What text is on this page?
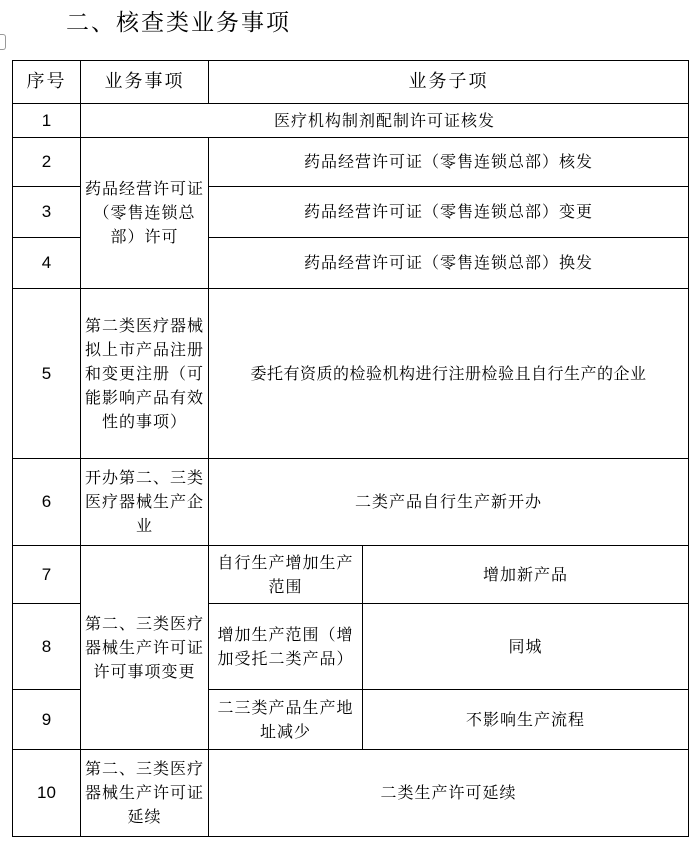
二、核查类业务事项
序号	业务事项	业务子项	
1	医疗机构制剂配制许可证核发		
2	药品经营许可证（零售连锁总部）许可	药品经营许可证（零售连锁总部）核发	
3		药品经营许可证（零售连锁总部）变更	
4		药品经营许可证（零售连锁总部）换发	
5	第二类医疗器械拟上市产品注册和变更注册（可能影响产品有效性的事项）	委托有资质的检验机构进行注册检验且自行生产的企业	
6	开办第二、三类医疗器械生产企业	二类产品自行生产新开办	
7	第二、三类医疗器械生产许可证许可事项变更	自行生产增加生产范围	增加新产品
8		增加生产范围（增加受托二类产品）	同城
9		二三类产品生产地址减少	不影响生产流程
10	第二、三类医疗器械生产许可证延续	二类生产许可延续	
